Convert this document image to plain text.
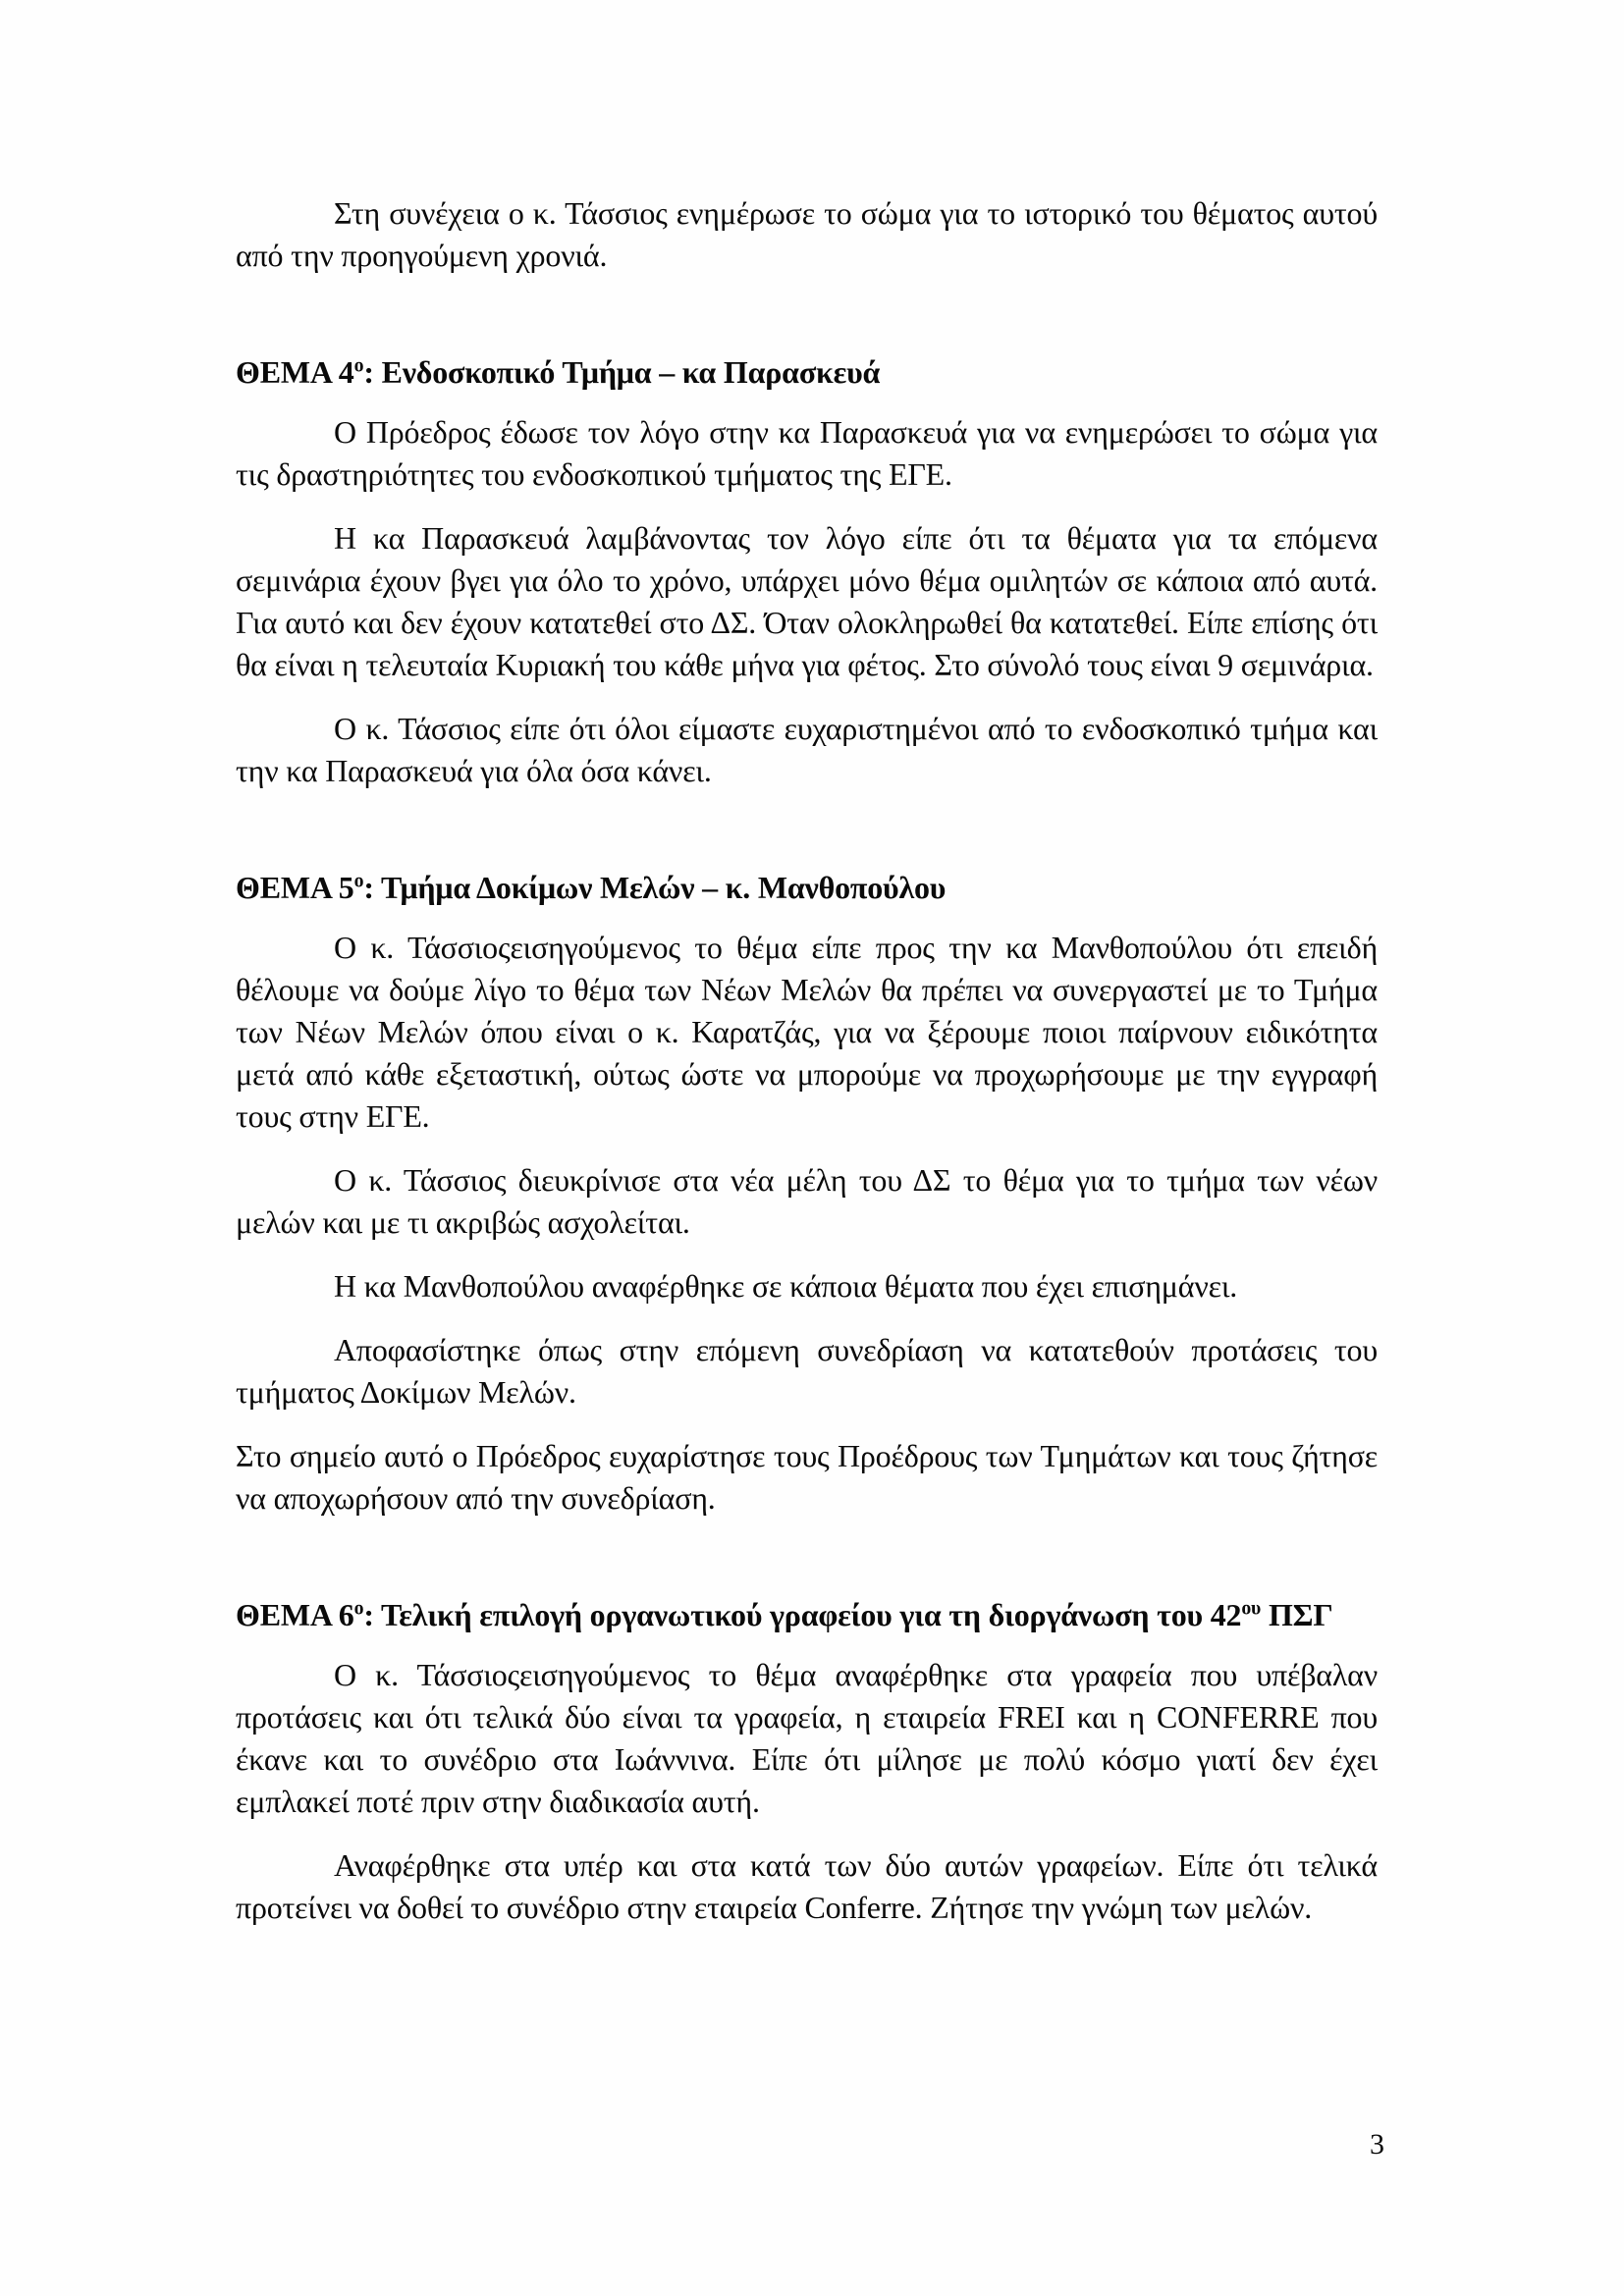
Στη συνέχεια ο κ. Τάσσιος ενημέρωσε το σώμα για το ιστορικό του θέματος αυτού από την προηγούμενη χρονιά.

ΘΕΜΑ $4^o$: Ενδοσκοπικό Τμήμα – κα Παρασκευά

Ο Πρόεδρος έδωσε τον λόγο στην κα Παρασκευά για να ενημερώσει το σώμα για τις δραστηριότητες του ενδοσκοπικού τμήματος της ΕΓΕ.

Η κα Παρασκευά λαμβάνοντας τον λόγο είπε ότι τα θέματα για τα επόμενα σεμινάρια έχουν βγει για όλο το χρόνο, υπάρχει μόνο θέμα ομιλητών σε κάποια από αυτά. Για αυτό και δεν έχουν κατατεθεί στο ΔΣ. Όταν ολοκληρωθεί θα κατατεθεί. Είπε επίσης ότι θα είναι η τελευταία Κυριακή του κάθε μήνα για φέτος. Στο σύνολό τους είναι 9 σεμινάρια.

Ο κ. Τάσσιος είπε ότι όλοι είμαστε ευχαριστημένοι από το ενδοσκοπικό τμήμα και την κα Παρασκευά για όλα όσα κάνει.

ΘΕΜΑ $5^o$: Τμήμα Δοκίμων Μελών – κ. Μανθοπούλου

Ο κ. Τάσσιοςεισηγούμενος το θέμα είπε προς την κα Μανθοπούλου ότι επειδή θέλουμε να δούμε λίγο το θέμα των Νέων Μελών θα πρέπει να συνεργαστεί με το Τμήμα των Νέων Μελών όπου είναι ο κ. Καρατζάς, για να ξέρουμε ποιοι παίρνουν ειδικότητα μετά από κάθε εξεταστική, ούτως ώστε να μπορούμε να προχωρήσουμε με την εγγραφή τους στην ΕΓΕ.

Ο κ. Τάσσιος διευκρίνισε στα νέα μέλη του ΔΣ το θέμα για το τμήμα των νέων μελών και με τι ακριβώς ασχολείται.

Η κα Μανθοπούλου αναφέρθηκε σε κάποια θέματα που έχει επισημάνει.

Αποφασίστηκε όπως στην επόμενη συνεδρίαση να κατατεθούν προτάσεις του τμήματος Δοκίμων Μελών.

Στο σημείο αυτό ο Πρόεδρος ευχαρίστησε τους Προέδρους των Τμημάτων και τους ζήτησε να αποχωρήσουν από την συνεδρίαση.

ΘΕΜΑ $6^o$: Τελική επιλογή οργανωτικού γραφείου για τη διοργάνωση του $42^{o\upsilon}$ ΠΣΓ

Ο κ. Τάσσιοςεισηγούμενος το θέμα αναφέρθηκε στα γραφεία που υπέβαλαν προτάσεις και ότι τελικά δύο είναι τα γραφεία, η εταιρεία FREI και η CONFERRE που έκανε και το συνέδριο στα Ιωάννινα. Είπε ότι μίλησε με πολύ κόσμο γιατί δεν έχει εμπλακεί ποτέ πριν στην διαδικασία αυτή.

Αναφέρθηκε στα υπέρ και στα κατά των δύο αυτών γραφείων. Είπε ότι τελικά προτείνει να δοθεί το συνέδριο στην εταιρεία Conferre. Ζήτησε την γνώμη των μελών.

3
